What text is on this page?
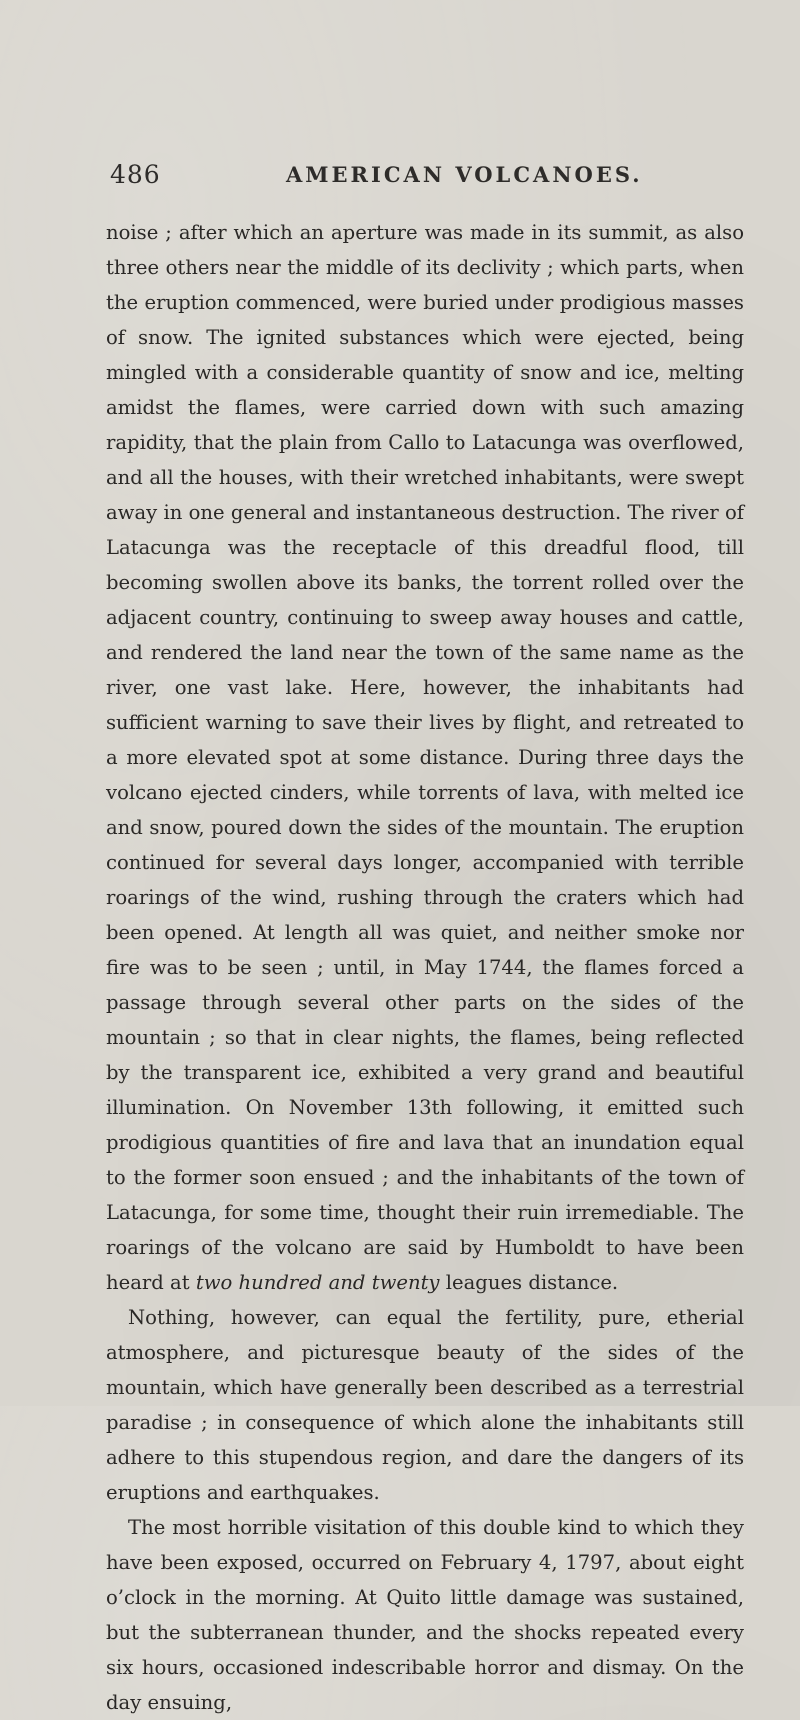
486	AMERICAN VOLCANOES.

noise ; after which an aperture was made in its summit, as also three others near the middle of its declivity ; which parts, when the eruption commenced, were buried under prodigious masses of snow. The ignited substances which were ejected, being mingled with a considerable quantity of snow and ice, melting amidst the flames, were carried down with such amazing rapidity, that the plain from Callo to Latacunga was overflowed, and all the houses, with their wretched inhabitants, were swept away in one general and instantaneous destruction. The river of Latacunga was the receptacle of this dreadful flood, till becoming swollen above its banks, the torrent rolled over the adjacent country, continuing to sweep away houses and cattle, and rendered the land near the town of the same name as the river, one vast lake. Here, however, the inhabitants had sufficient warning to save their lives by flight, and retreated to a more elevated spot at some distance. During three days the volcano ejected cinders, while torrents of lava, with melted ice and snow, poured down the sides of the mountain. The eruption continued for several days longer, accompanied with terrible roarings of the wind, rushing through the craters which had been opened. At length all was quiet, and neither smoke nor fire was to be seen ; until, in May 1744, the flames forced a passage through several other parts on the sides of the mountain ; so that in clear nights, the flames, being reflected by the transparent ice, exhibited a very grand and beautiful illumination. On November 13th following, it emitted such prodigious quantities of fire and lava that an inundation equal to the former soon ensued ; and the inhabitants of the town of Latacunga, for some time, thought their ruin irremediable. The roarings of the volcano are said by Humboldt to have been heard at two hundred and twenty leagues distance.

Nothing, however, can equal the fertility, pure, etherial atmosphere, and picturesque beauty of the sides of the mountain, which have generally been described as a terrestrial paradise ; in consequence of which alone the inhabitants still adhere to this stupendous region, and dare the dangers of its eruptions and earthquakes.

The most horrible visitation of this double kind to which they have been exposed, occurred on February 4, 1797, about eight o’clock in the morning. At Quito little damage was sustained, but the subterranean thunder, and the shocks repeated every six hours, occasioned indescribable horror and dismay. On the day ensuing,
